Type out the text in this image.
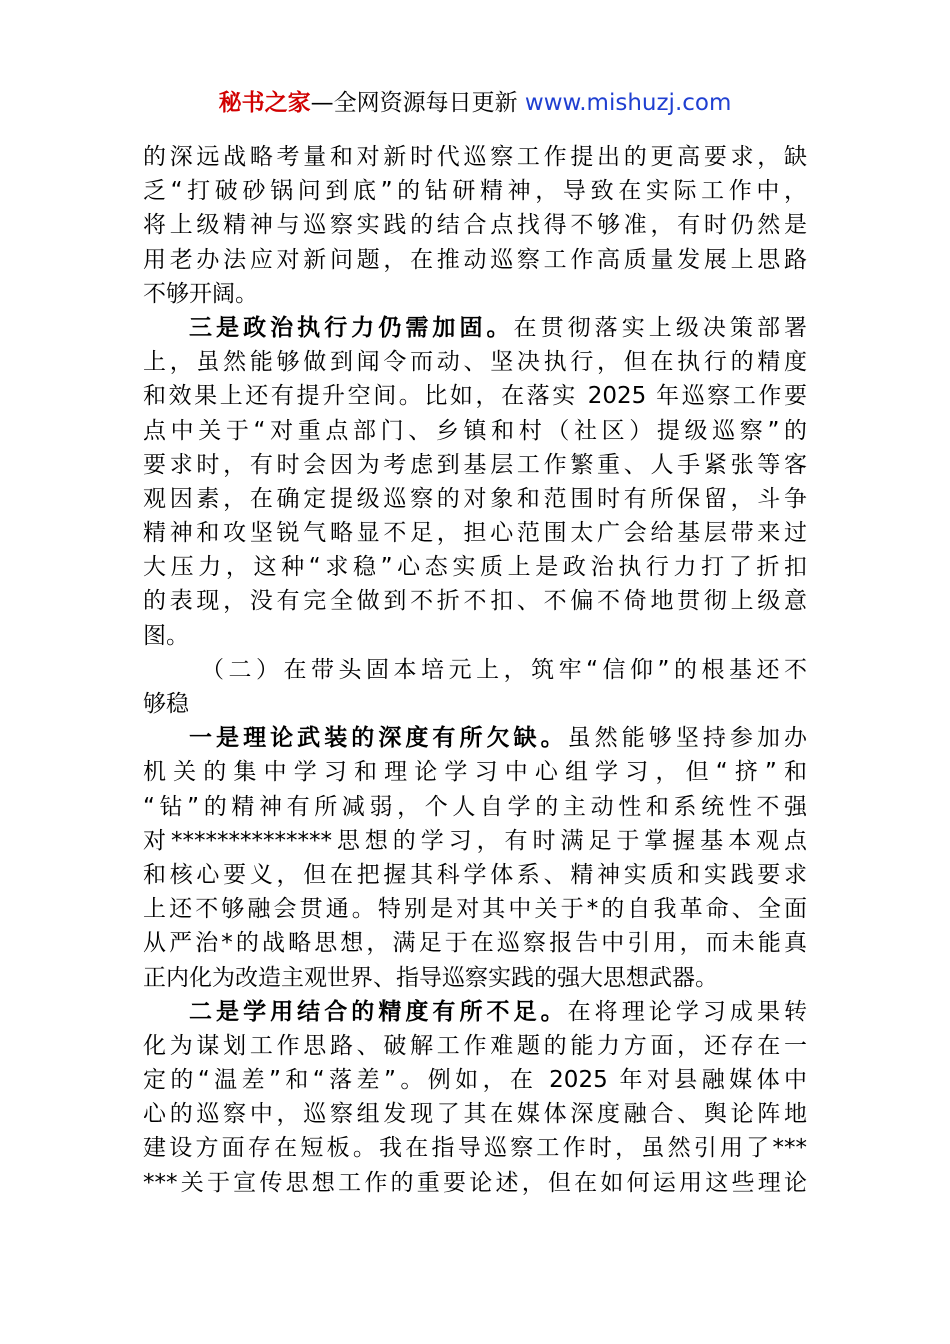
秘书之家—全网资源每日更新 www.mishuzj.com
的深远战略考量和对新时代巡察工作提出的更高要求，缺
乏“打破砂锅问到底”的钻研精神，导致在实际工作中，
将上级精神与巡察实践的结合点找得不够准，有时仍然是
用老办法应对新问题，在推动巡察工作高质量发展上思路
不够开阔。
三是政治执行力仍需加固。在贯彻落实上级决策部署
上，虽然能够做到闻令而动、坚决执行，但在执行的精度
和效果上还有提升空间。比如，在落实 2025 年巡察工作要
点中关于“对重点部门、乡镇和村（社区）提级巡察”的
要求时，有时会因为考虑到基层工作繁重、人手紧张等客
观因素，在确定提级巡察的对象和范围时有所保留，斗争
精神和攻坚锐气略显不足，担心范围太广会给基层带来过
大压力，这种“求稳”心态实质上是政治执行力打了折扣
的表现，没有完全做到不折不扣、不偏不倚地贯彻上级意
图。
（二）在带头固本培元上，筑牢“信仰”的根基还不
够稳
一是理论武装的深度有所欠缺。虽然能够坚持参加办
机关的集中学习和理论学习中心组学习，但“挤”和
“钻”的精神有所减弱，个人自学的主动性和系统性不强
对**************思想的学习，有时满足于掌握基本观点
和核心要义，但在把握其科学体系、精神实质和实践要求
上还不够融会贯通。特别是对其中关于*的自我革命、全面
从严治*的战略思想，满足于在巡察报告中引用，而未能真
正内化为改造主观世界、指导巡察实践的强大思想武器。
二是学用结合的精度有所不足。在将理论学习成果转
化为谋划工作思路、破解工作难题的能力方面，还存在一
定的“温差”和“落差”。例如，在 2025 年对县融媒体中
心的巡察中，巡察组发现了其在媒体深度融合、舆论阵地
建设方面存在短板。我在指导巡察工作时，虽然引用了***
***关于宣传思想工作的重要论述，但在如何运用这些理论
